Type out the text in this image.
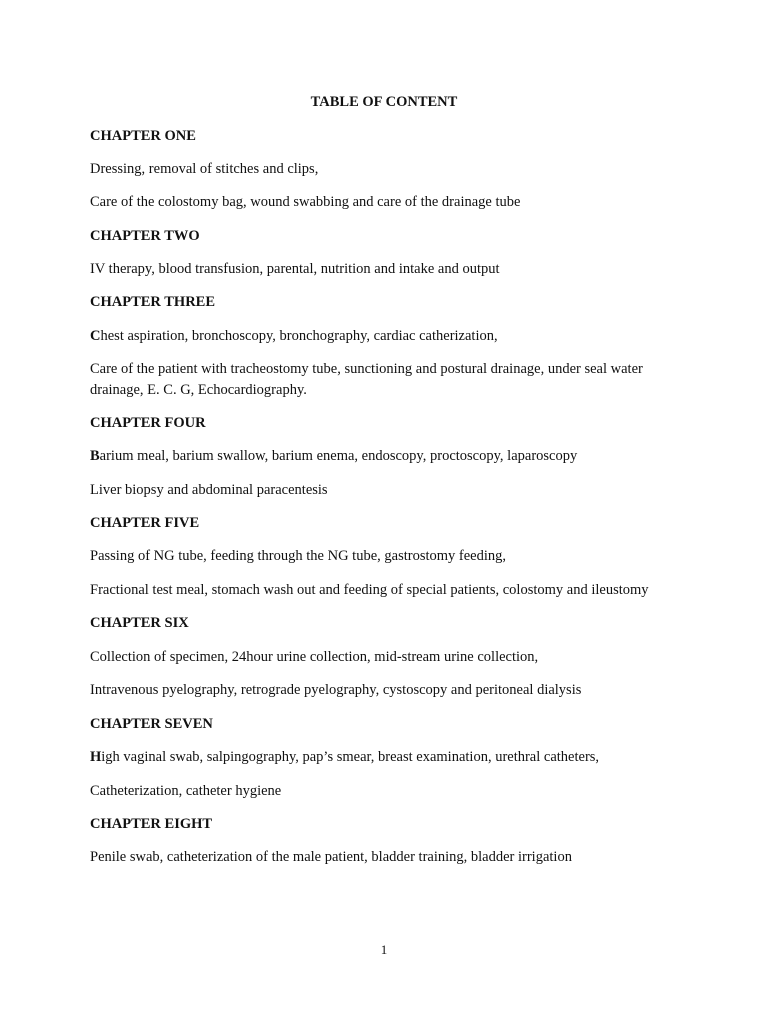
TABLE OF CONTENT
CHAPTER ONE
Dressing, removal of stitches and clips,
Care of the colostomy bag, wound swabbing and care of the drainage tube
CHAPTER TWO
IV therapy, blood transfusion, parental, nutrition and intake and output
CHAPTER THREE
Chest aspiration, bronchoscopy, bronchography, cardiac catherization,
Care of the patient with tracheostomy tube, sunctioning and postural drainage, under seal water drainage, E. C. G, Echocardiography.
CHAPTER FOUR
Barium meal, barium swallow, barium enema, endoscopy, proctoscopy, laparoscopy
Liver biopsy and abdominal paracentesis
CHAPTER FIVE
Passing of NG tube, feeding through the NG tube, gastrostomy feeding,
Fractional test meal, stomach wash out and feeding of special patients, colostomy and ileustomy
CHAPTER SIX
Collection of specimen, 24hour urine collection, mid-stream urine collection,
Intravenous pyelography, retrograde pyelography, cystoscopy and peritoneal dialysis
CHAPTER SEVEN
High vaginal swab, salpingography, pap’s smear, breast examination, urethral catheters,
Catheterization, catheter hygiene
CHAPTER EIGHT
Penile swab, catheterization of the male patient, bladder training, bladder irrigation
1
